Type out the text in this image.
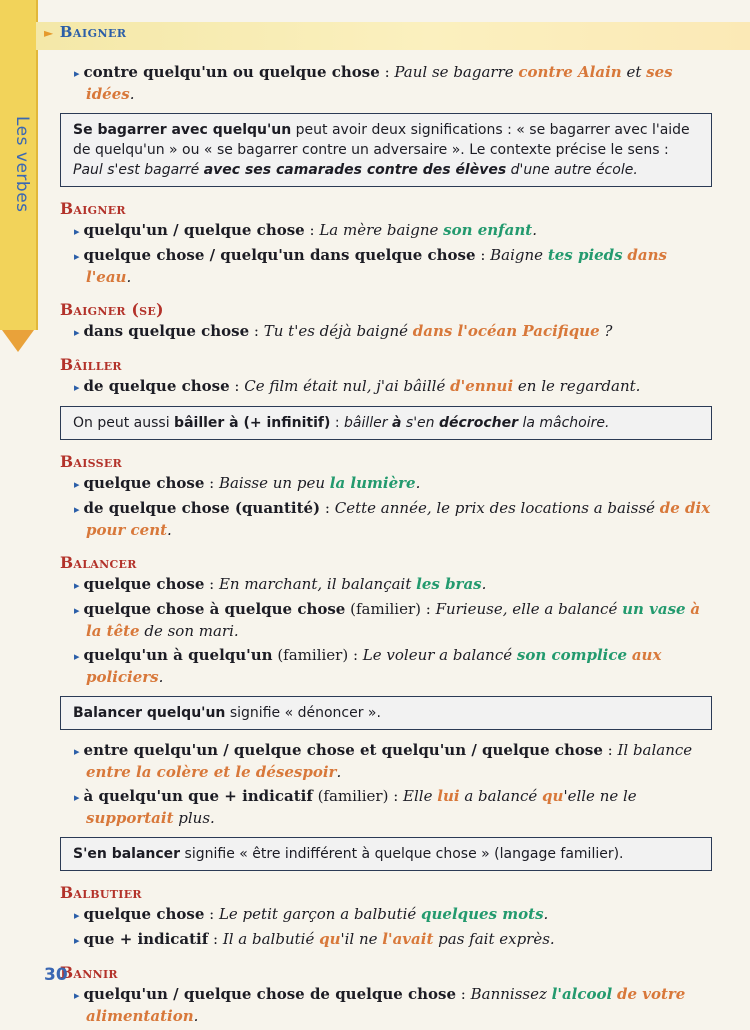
Les verbes
► Baigner

▸ contre quelqu'un ou quelque chose : Paul se bagarre contre Alain et ses idées.

Se bagarrer avec quelqu'un peut avoir deux significations : « se bagarrer avec l'aide de quelqu'un » ou « se bagarrer contre un adversaire ». Le contexte précise le sens : Paul s'est bagarré avec ses camarades contre des élèves d'une autre école.
Baigner

▸ quelqu'un / quelque chose : La mère baigne son enfant.

▸ quelque chose / quelqu'un dans quelque chose : Baigne tes pieds dans l'eau.

Baigner (se)

▸ dans quelque chose : Tu t'es déjà baigné dans l'océan Pacifique ?

Bâiller

▸ de quelque chose : Ce film était nul, j'ai bâillé d'ennui en le regardant.

On peut aussi bâiller à (+ infinitif) : bâiller à s'en décrocher la mâchoire.
Baisser

▸ quelque chose : Baisse un peu la lumière.

▸ de quelque chose (quantité) : Cette année, le prix des locations a baissé de dix pour cent.

Balancer

▸ quelque chose : En marchant, il balançait les bras.

▸ quelque chose à quelque chose (familier) : Furieuse, elle a balancé un vase à la tête de son mari.

▸ quelqu'un à quelqu'un (familier) : Le voleur a balancé son complice aux policiers.

Balancer quelqu'un signifie « dénoncer ».

▸ entre quelqu'un / quelque chose et quelqu'un / quelque chose : Il balance entre la colère et le désespoir.

▸ à quelqu'un que + indicatif (familier) : Elle lui a balancé qu'elle ne le supportait plus.

S'en balancer signifie « être indifférent à quelque chose » (langage familier).
Balbutier

▸ quelque chose : Le petit garçon a balbutié quelques mots.

▸ que + indicatif : Il a balbutié qu'il ne l'avait pas fait exprès.

Bannir

▸ quelqu'un / quelque chose de quelque chose : Bannissez l'alcool de votre alimentation.

30
